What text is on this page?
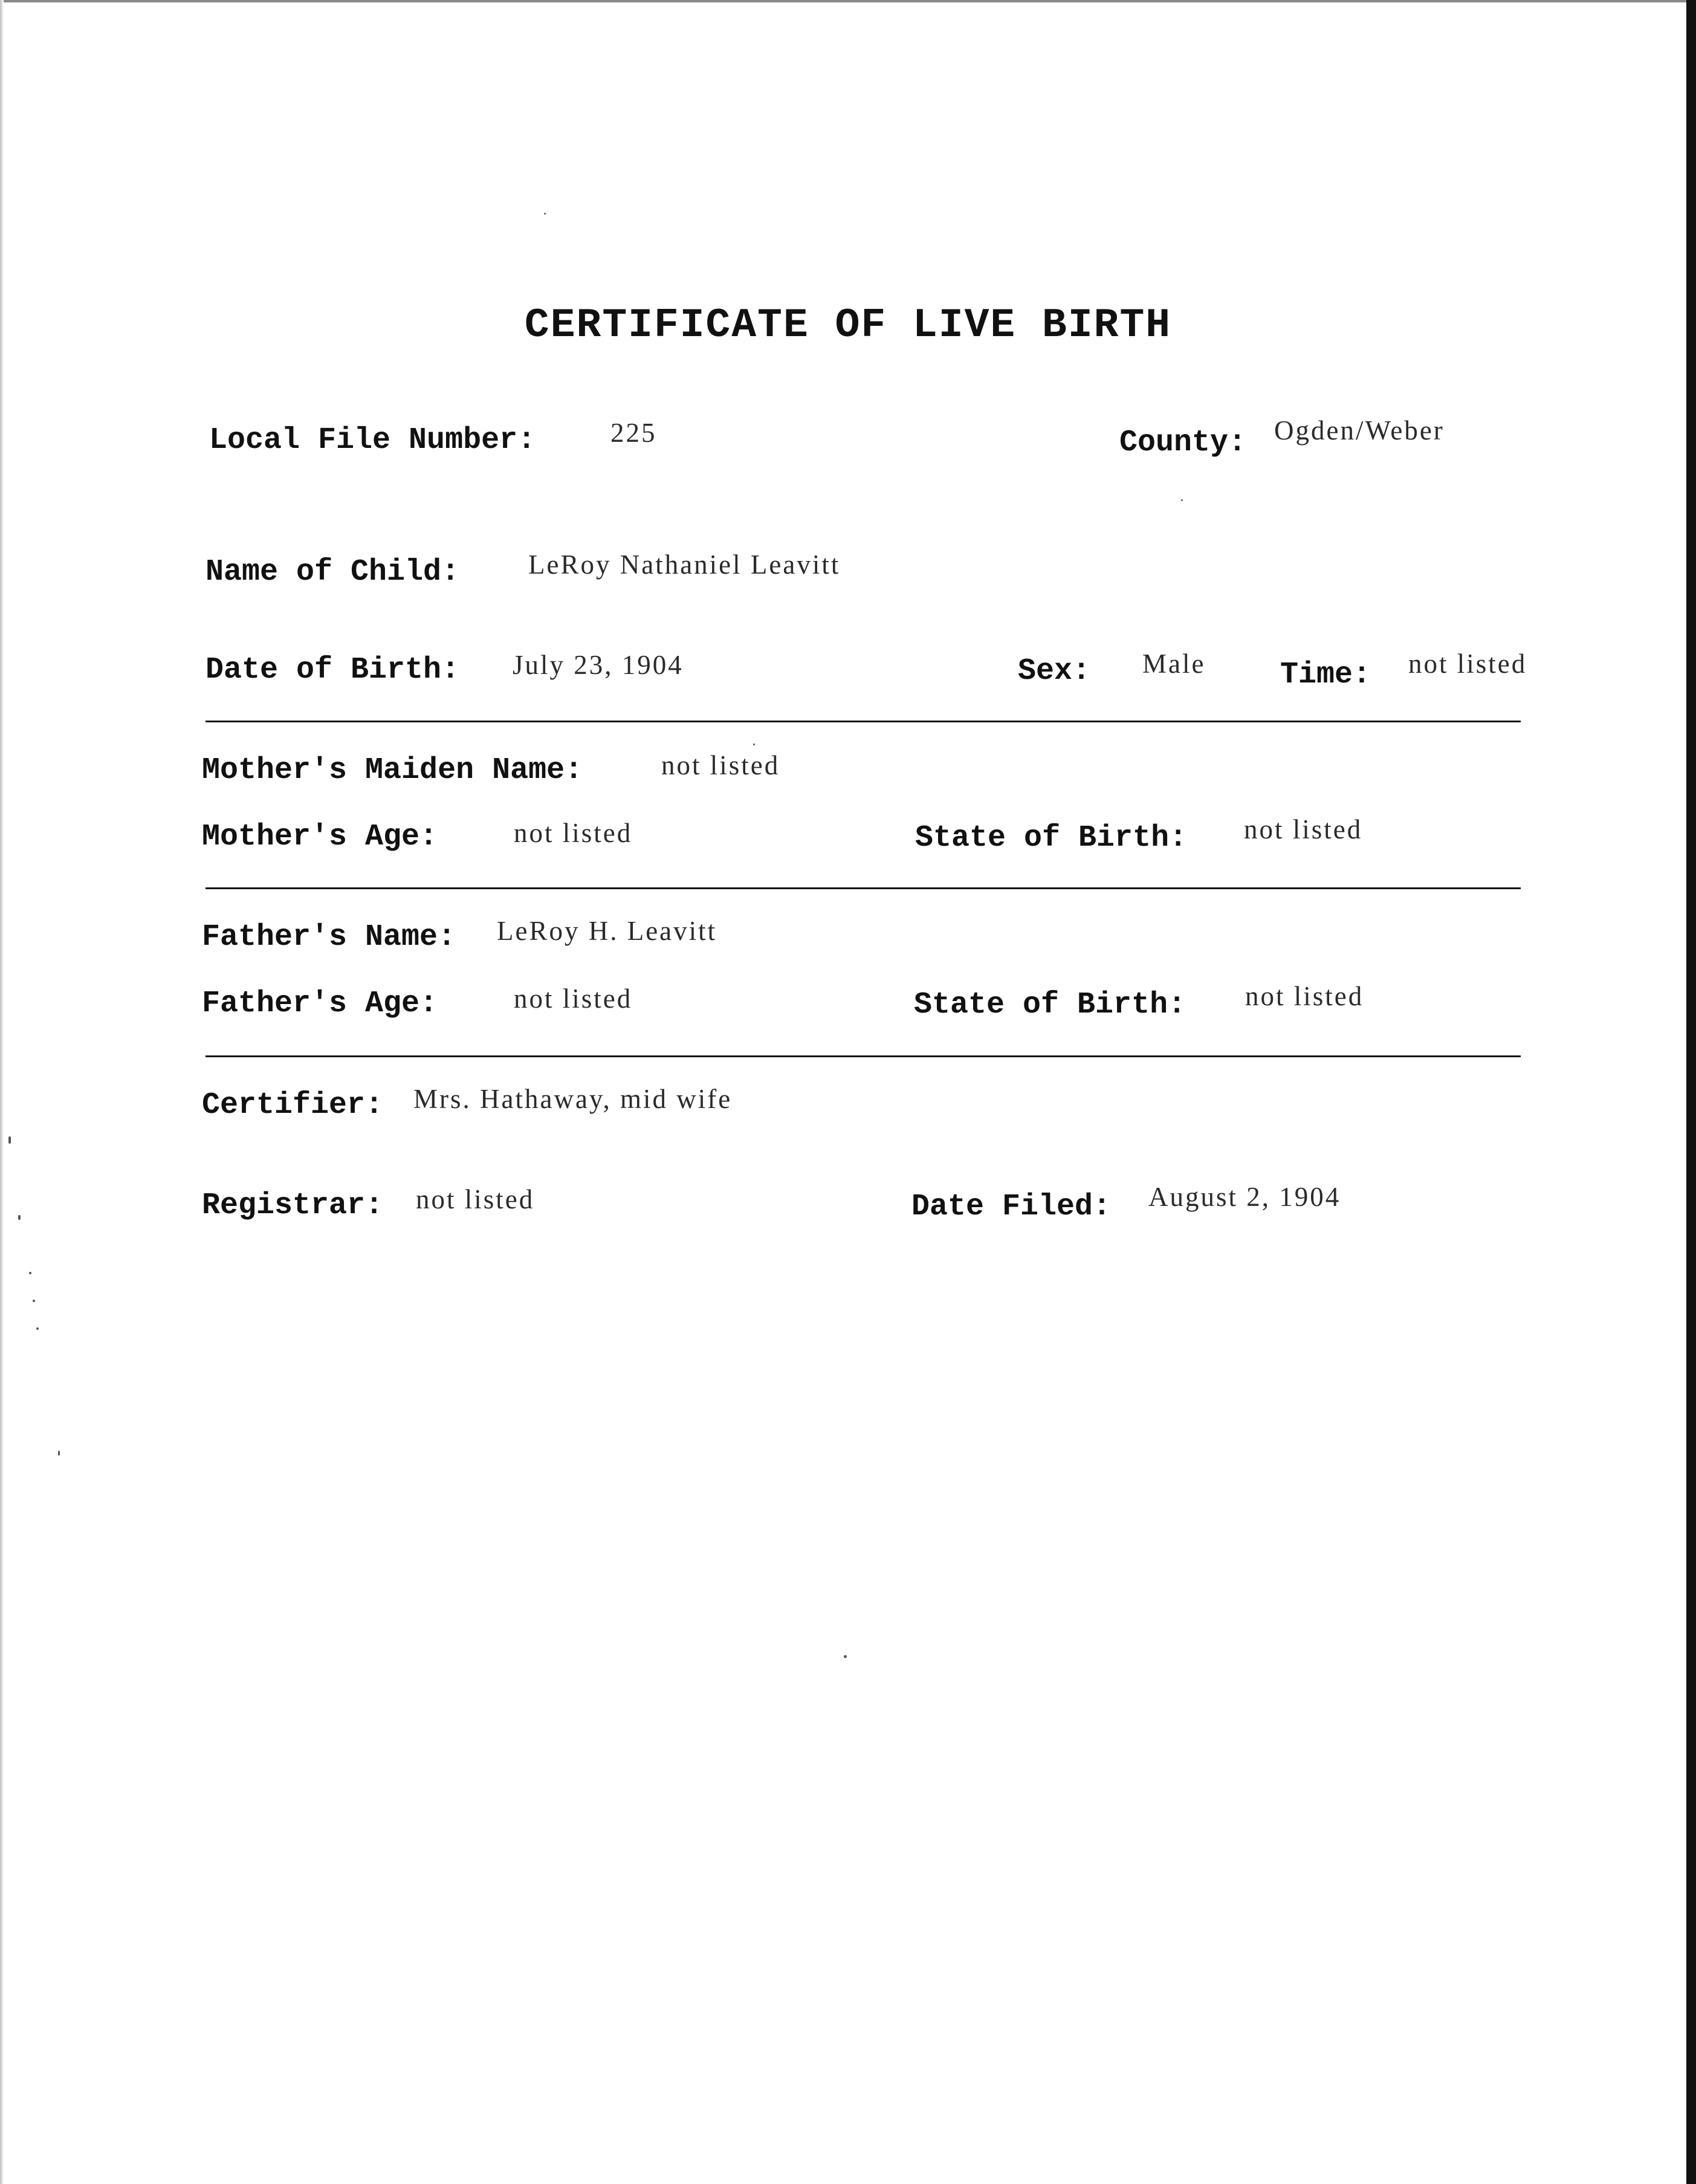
CERTIFICATE OF LIVE BIRTH
Local File Number:	225	County: Ogden/Weber
Name of Child:	LeRoy Nathaniel Leavitt
Date of Birth: July 23, 1904	Sex: Male Time: not listed
Mother's Maiden Name:	not listed
Mother's Age:	not listed	State of Birth: not listed
Father's Name: LeRoy H. Leavitt
Father's Age:	not listed	State of Birth: not listed
Certifier: Mrs. Hathaway, mid wife
Registrar: not listed	Date Filed: August 2, 1904
